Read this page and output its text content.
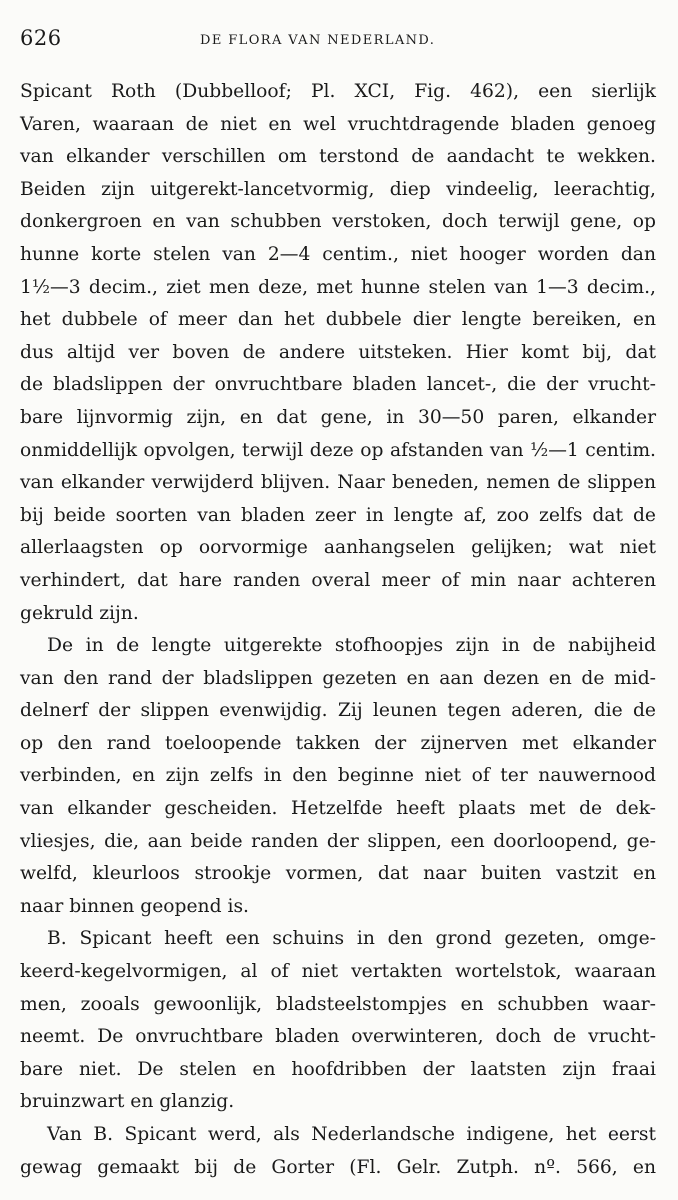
626	DE FLORA VAN NEDERLAND.
Spicant Roth (Dubbelloof; Pl. XCI, Fig. 462), een sierlijk
Varen, waaraan de niet en wel vruchtdragende bladen genoeg
van elkander verschillen om terstond de aandacht te wekken.
Beiden zijn uitgerekt-lancetvormig, diep vindeelig, leerachtig,
donkergroen en van schubben verstoken, doch terwijl gene, op
hunne korte stelen van 2—4 centim., niet hooger worden dan
1½—3 decim., ziet men deze, met hunne stelen van 1—3 decim.,
het dubbele of meer dan het dubbele dier lengte bereiken, en
dus altijd ver boven de andere uitsteken. Hier komt bij, dat
de bladslippen der onvruchtbare bladen lancet-, die der vrucht-
bare lijnvormig zijn, en dat gene, in 30—50 paren, elkander
onmiddellijk opvolgen, terwijl deze op afstanden van ½—1 centim.
van elkander verwijderd blijven. Naar beneden, nemen de slippen
bij beide soorten van bladen zeer in lengte af, zoo zelfs dat de
allerlaagsten op oorvormige aanhangselen gelijken; wat niet
verhindert, dat hare randen overal meer of min naar achteren
gekruld zijn.
De in de lengte uitgerekte stofhoopjes zijn in de nabijheid
van den rand der bladslippen gezeten en aan dezen en de mid-
delnerf der slippen evenwijdig. Zij leunen tegen aderen, die de
op den rand toeloopende takken der zijnerven met elkander
verbinden, en zijn zelfs in den beginne niet of ter nauwernood
van elkander gescheiden. Hetzelfde heeft plaats met de dek-
vliesjes, die, aan beide randen der slippen, een doorloopend, ge-
welfd, kleurloos strookje vormen, dat naar buiten vastzit en
naar binnen geopend is.
B. Spicant heeft een schuins in den grond gezeten, omge-
keerd-kegelvormigen, al of niet vertakten wortelstok, waaraan
men, zooals gewoonlijk, bladsteelstompjes en schubben waar-
neemt. De onvruchtbare bladen overwinteren, doch de vrucht-
bare niet. De stelen en hoofdribben der laatsten zijn fraai
bruinzwart en glanzig.
Van B. Spicant werd, als Nederlandsche indigene, het eerst
gewag gemaakt bij de Gorter (Fl. Gelr. Zutph. nº. 566, en
